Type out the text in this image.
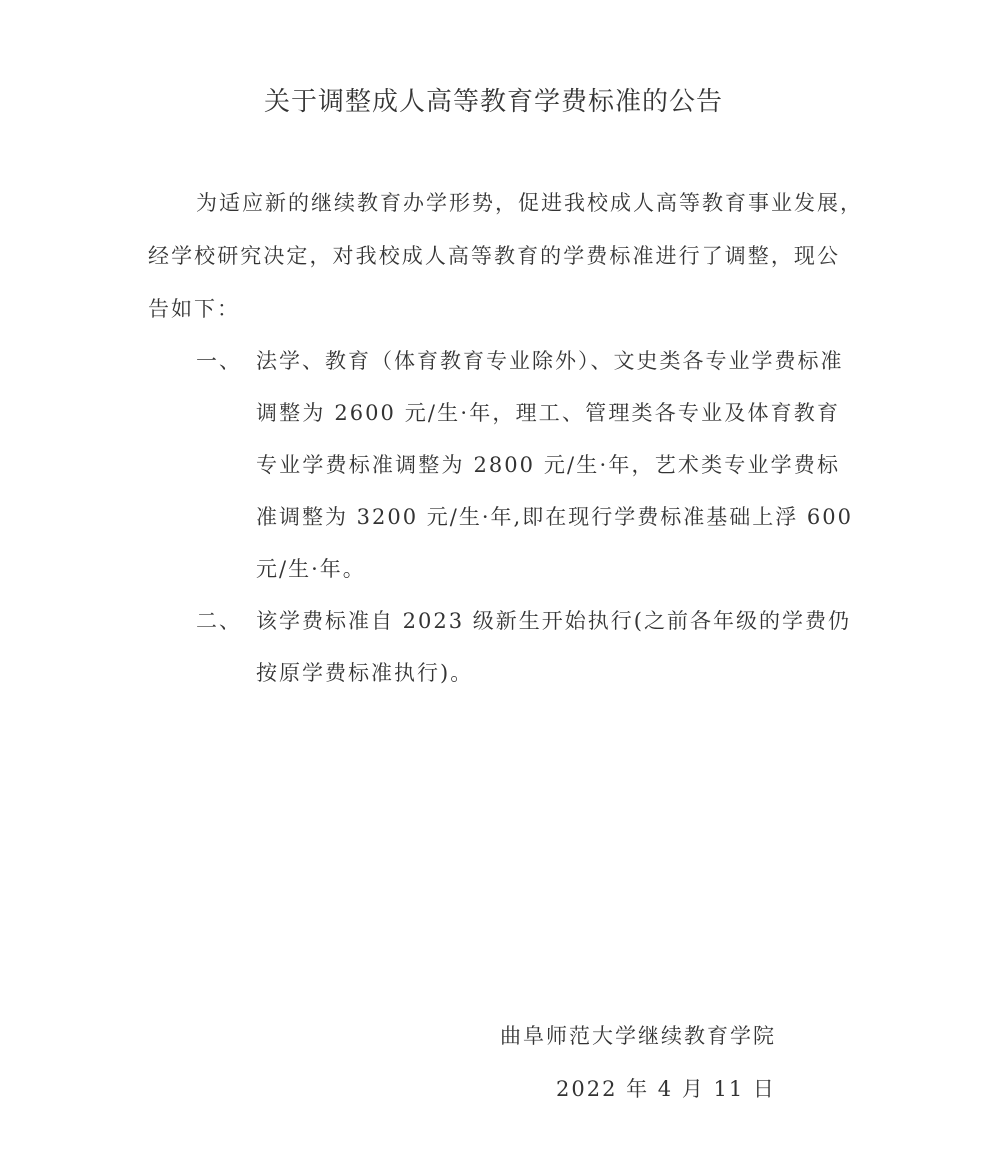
关于调整成人高等教育学费标准的公告
为适应新的继续教育办学形势，促进我校成人高等教育事业发展，
经学校研究决定，对我校成人高等教育的学费标准进行了调整，现公
告如下：
一、 法学、教育（体育教育专业除外）、文史类各专业学费标准
调整为 2600 元/生·年，理工、管理类各专业及体育教育
专业学费标准调整为 2800 元/生·年，艺术类专业学费标
准调整为 3200 元/生·年,即在现行学费标准基础上浮 600
元/生·年。
二、 该学费标准自 2023 级新生开始执行(之前各年级的学费仍
按原学费标准执行)。
曲阜师范大学继续教育学院
2022 年 4 月 11 日
